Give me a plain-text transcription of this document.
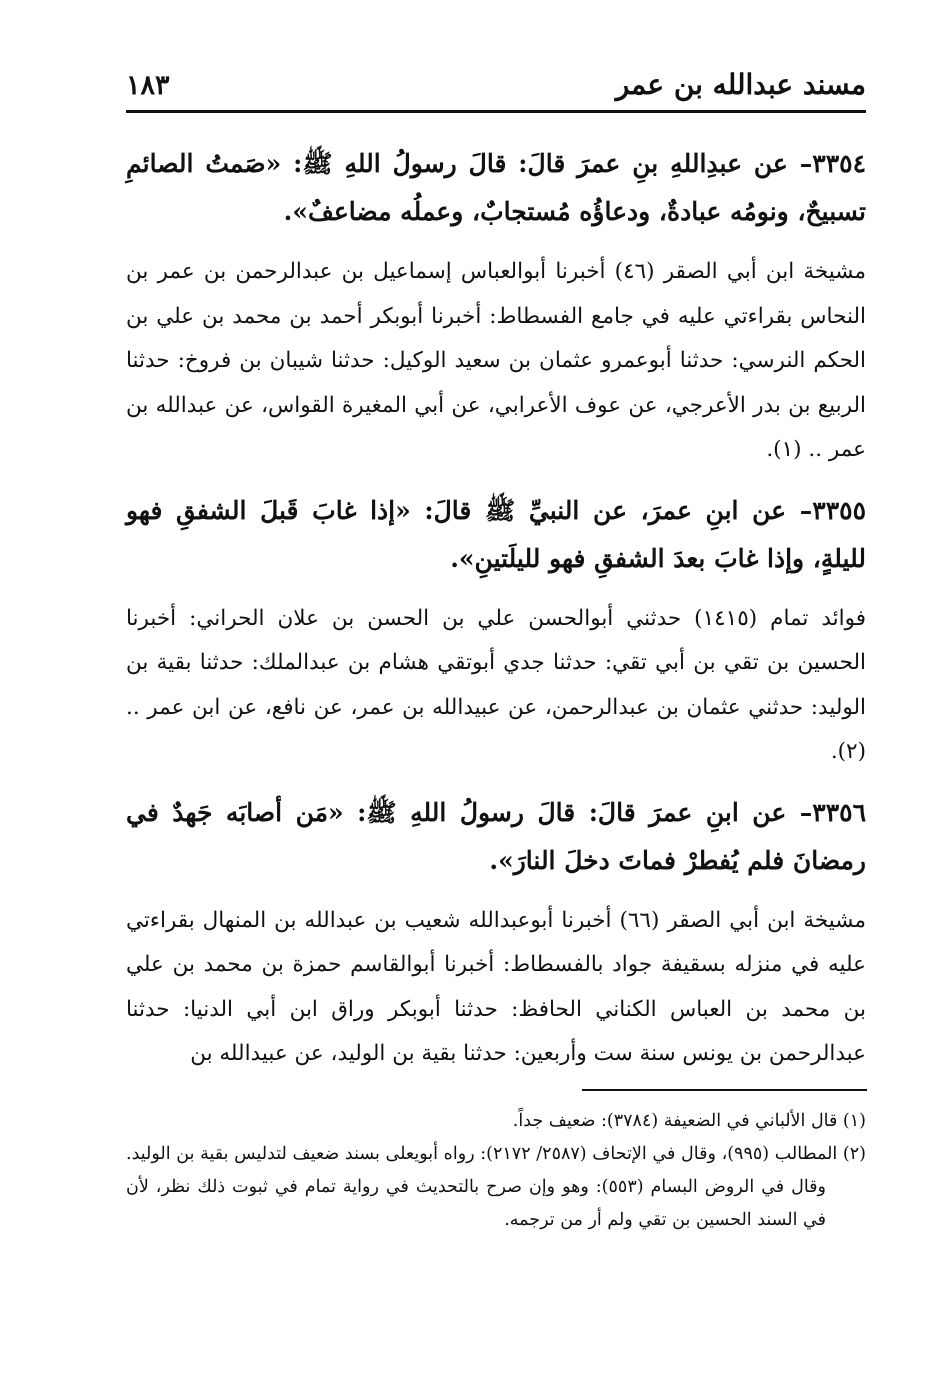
مسند عبدالله بن عمر
١٨٣

٣٣٥٤– عن عبدِاللهِ بنِ عمرَ قالَ: قالَ رسولُ اللهِ ﷺ: «صَمتُ الصائمِ تسبيحٌ، ونومُه عبادةٌ، ودعاؤُه مُستجابٌ، وعملُه مضاعفٌ».

مشيخة ابن أبي الصقر (٤٦) أخبرنا أبوالعباس إسماعيل بن عبدالرحمن بن عمر بن النحاس بقراءتي عليه في جامع الفسطاط: أخبرنا أبوبكر أحمد بن محمد بن علي بن الحكم النرسي: حدثنا أبوعمرو عثمان بن سعيد الوكيل: حدثنا شيبان بن فروخ: حدثنا الربيع بن بدر الأعرجي، عن عوف الأعرابي، عن أبي المغيرة القواس، عن عبدالله بن عمر .. (١).

٣٣٥٥– عن ابنِ عمرَ، عن النبيِّ ﷺ قالَ: «إذا غابَ قَبلَ الشفقِ فهو لليلةٍ، وإذا غابَ بعدَ الشفقِ فهو لليلَتينِ».

فوائد تمام (١٤١٥) حدثني أبوالحسن علي بن الحسن بن علان الحراني: أخبرنا الحسين بن تقي بن أبي تقي: حدثنا جدي أبوتقي هشام بن عبدالملك: حدثنا بقية بن الوليد: حدثني عثمان بن عبدالرحمن، عن عبيدالله بن عمر، عن نافع، عن ابن عمر .. (٢).

٣٣٥٦– عن ابنِ عمرَ قالَ: قالَ رسولُ اللهِ ﷺ: «مَن أصابَه جَهدٌ في رمضانَ فلم يُفطرْ فماتَ دخلَ النارَ».

مشيخة ابن أبي الصقر (٦٦) أخبرنا أبوعبدالله شعيب بن عبدالله بن المنهال بقراءتي عليه في منزله بسقيفة جواد بالفسطاط: أخبرنا أبوالقاسم حمزة بن محمد بن علي بن محمد بن العباس الكناني الحافظ: حدثنا أبوبكر وراق ابن أبي الدنيا: حدثنا عبدالرحمن بن يونس سنة ست وأربعين: حدثنا بقية بن الوليد، عن عبيدالله بن

(١) قال الألباني في الضعيفة (٣٧٨٤): ضعيف جداً.

(٢) المطالب (٩٩٥)، وقال في الإتحاف (٢٥٨٧/ ٢١٧٢): رواه أبويعلى بسند ضعيف لتدليس بقية بن الوليد. وقال في الروض البسام (٥٥٣): وهو وإن صرح بالتحديث في رواية تمام في ثبوت ذلك نظر، لأن في السند الحسين بن تقي ولم أر من ترجمه.
